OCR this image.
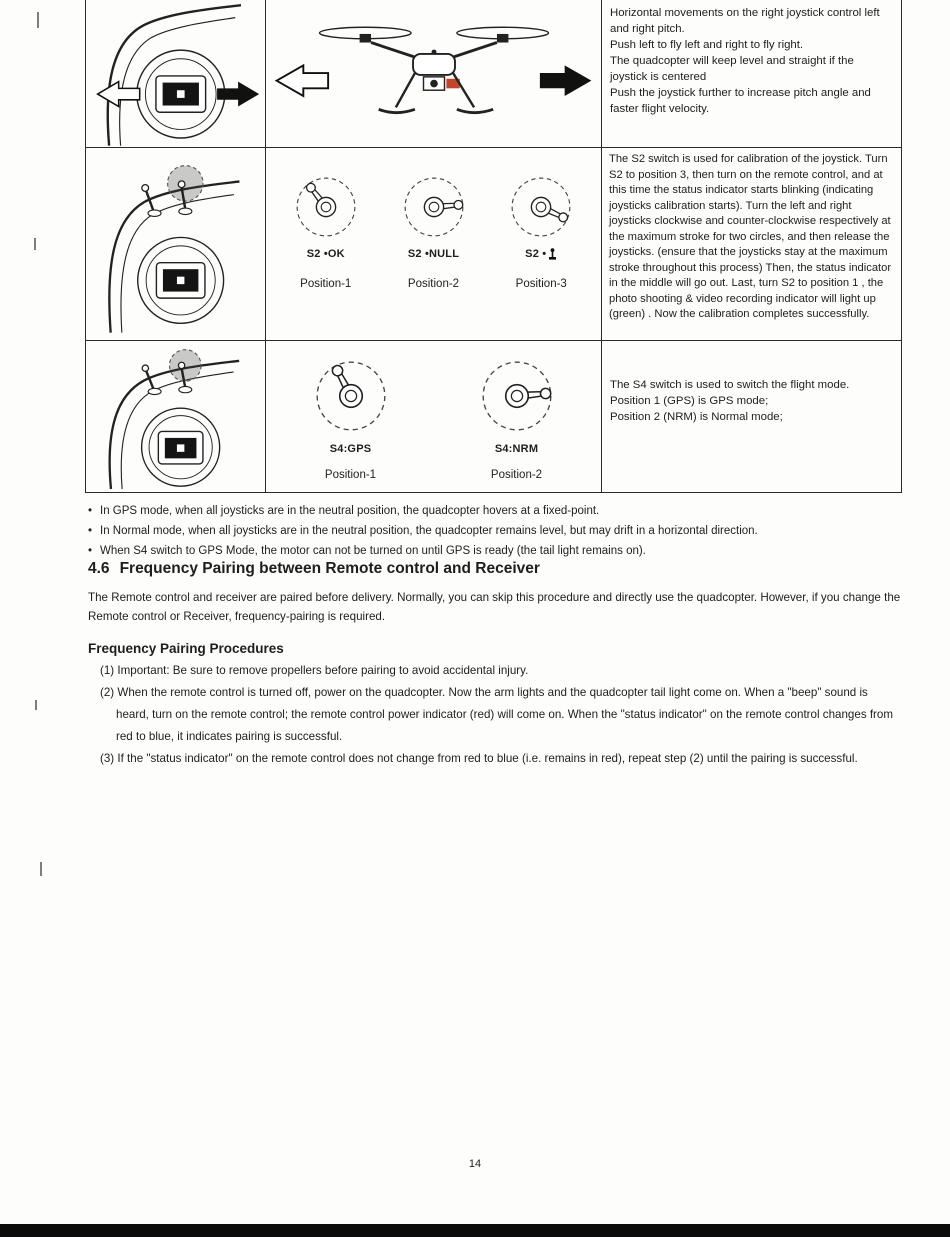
Horizontal movements on the right joystick control left and right pitch.

Push left to fly left and right to fly right.

The quadcopter will keep level and straight if the joystick is centered

Push the joystick further to increase pitch angle and faster flight velocity.

S2 •OK
Position-1
S2 •NULL
Position-2
S2 •
Position-3

The S2 switch is used for calibration of the joystick. Turn S2 to position 3, then turn on the remote control, and at this time the status indicator starts blinking (indicating joysticks calibration starts). Turn the left and right joysticks clockwise and counter-clockwise respectively at the maximum stroke for two circles, and then release the joysticks. (ensure that the joysticks stay at the maximum stroke throughout this process) Then, the status indicator in the middle will go out. Last, turn S2 to position 1 , the photo shooting & video recording indicator will light up (green) . Now the calibration completes successfully.

S4:GPS
Position-1
S4:NRM
Position-2

The S4 switch is used to switch the flight mode.

Position 1 (GPS) is GPS mode;

Position 2 (NRM) is Normal mode;

• In GPS mode, when all joysticks are in the neutral position, the quadcopter hovers at a fixed-point.
• In Normal mode, when all joysticks are in the neutral position, the quadcopter remains level, but may drift in a horizontal direction.
• When S4 switch to GPS Mode, the motor can not be turned on until GPS is ready (the tail light remains on).
4.6 Frequency Pairing between Remote control and Receiver
The Remote control and receiver are paired before delivery. Normally, you can skip this procedure and directly use the quadcopter. However, if you change the Remote control or Receiver, frequency-pairing is required.
Frequency Pairing Procedures
(1) Important: Be sure to remove propellers before pairing to avoid accidental injury.
(2) When the remote control is turned off, power on the quadcopter. Now the arm lights and the quadcopter tail light come on. When a "beep" sound is heard, turn on the remote control; the remote control power indicator (red) will come on. When the "status indicator" on the remote control changes from red to blue, it indicates pairing is successful.
(3) If the "status indicator" on the remote control does not change from red to blue (i.e. remains in red), repeat step (2) until the pairing is successful.
14
